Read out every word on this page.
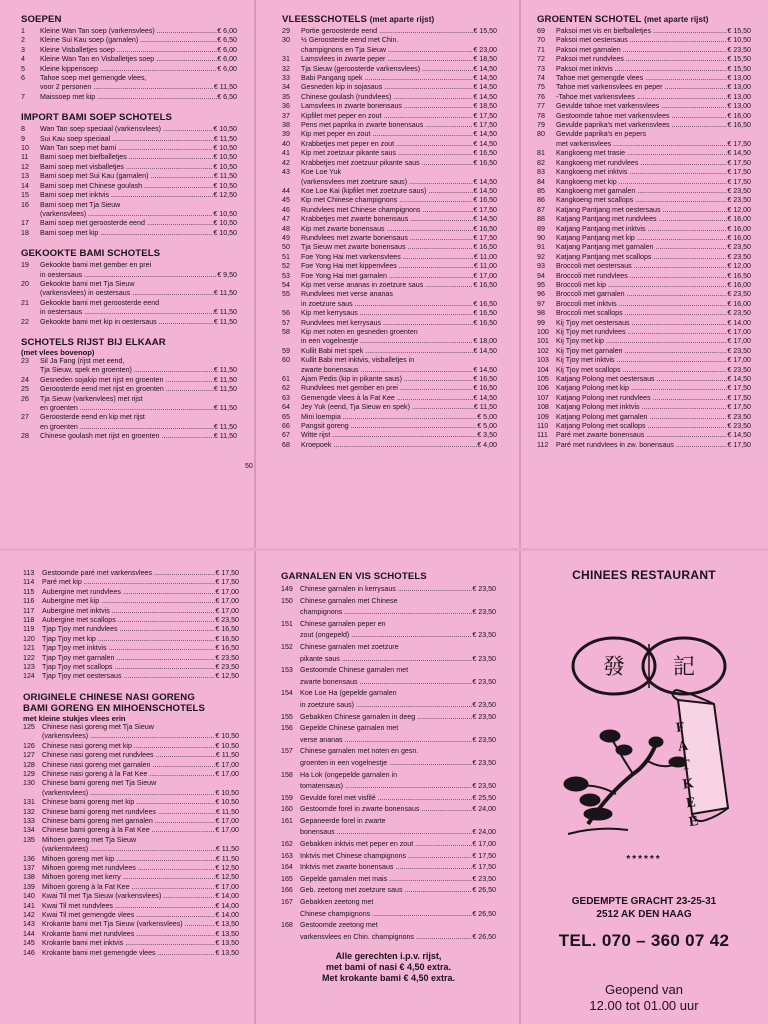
SOEPEN
1	Kleine Wan Tan soep (varkensvlees) .....	€ 6,00
2	Kleine Sui Kau soep (garnalen) .....	€ 6,50
3	Kleine Visballetjes soep .....	€ 6,00
4	Kleine Wan Tan en Visballetjes soep .....	€ 6,00
5	Kleine kippensoep .....	€ 6,00
6	Tahoe soep met gemengde vlees,
voor 2 personen .....	€ 11,50
7	Maissoep met kip .....	€ 6,50
IMPORT BAMI SOEP SCHOTELS
8	Wan Tan soep speciaal (varkensvlees) .....	€ 10,50
9	Sui Kau soep speciaal .....	€ 11,50
10	Wan Tan soep met bami .....	€ 10,50
11	Bami soep met biefballetjes .....	€ 10,50
12	Bami soep met visballetjes .....	€ 10,50
13	Bami soep met Sui Kau (garnalen) .....	€ 11,50
14	Bami soep met Chinese goulash .....	€ 10,50
15	Bami soep met inktvis .....	€ 12,50
16	Bami soep met Tja Sieuw
(varkensvlees) .....	€ 10,50
17	Bami soep met geroosterde eend .....	€ 10,50
18	Bami soep met kip .....	€ 10,50
GEKOOKTE BAMI SCHOTELS
19	Gekookte bami met gember en prei
in oestersaus .....	€ 9,50
20	Gekookte bami met Tja Sieuw
(varkensvlees) in oestersaus .....	€ 11,50
21	Gekookte bami met geroosterde eend
in oestersaus .....	€ 11,50
22	Gekookte bami met kip in oestersaus .....	€ 11,50
SCHOTELS RIJST BIJ ELKAAR
(met vlees bovenop)
23	Sil Ja Fang (rijst met eend,
Tja Sieuw, spek en groenten) .....	€ 11,50
24	Gesneden sojakip met rijst en groenten .....	€ 11,50
25	Geroosterde eend met rijst en groenten .....	€ 11,50
26	Tja Sieuw (varkenvlees) met rijst
en groenten .....	€ 11,50
27	Geroosterde eend en kip met rijst
en groenten .....	€ 11,50
28	Chinese goulash met rijst en groenten .....	€ 11,50
50
VLEESSCHOTELS (met aparte rijst)
29	Portie geroosterde eend .....	€ 15,50
30	½ Geroosterde eend met Chin.
champignons en Tja Sieuw .....	€ 23,00
31	Lamsvlees in zwarte peper .....	€ 18,50
32	Tja Sieuw (geroosterde varkensvlees) .....	€ 14,50
33	Babi Pangang spek .....	€ 14,50
34	Gesneden kip in sojasaus .....	€ 14,50
35	Chinese goulash (rundvlees) .....	€ 14,50
36	Lamsvlees in zwarte bonensaus .....	€ 18,50
37	Kipfilet met peper en zout .....	€ 17,50
38	Pens met paprika in zwarte bonensaus .....	€ 17,50
39	Kip met peper en zout .....	€ 14,50
40	Krabbetjes met peper en zout .....	€ 14,50
41	Kip met zoetzuur pikante saus .....	€ 16,50
42	Krabbetjes met zoetzuur pikante saus .....	€ 16,50
43	Koe Loe Yuk
(varkensvlees met zoetzure saus) .....	€ 14,50
44	Koe Loe Kai (kipfilet met zoetzure saus) .....	€ 14,50
45	Kip met Chinese champignons .....	€ 16,50
46	Rundvlees met Chinese champignons .....	€ 17,50
47	Krabbetjes met zwarte bonensaus .....	€ 14,50
48	Kip met zwarte bonensaus .....	€ 16,50
49	Rundvlees met zwarte bonensaus .....	€ 17,50
50	Tja Sieuw met zwarte bonensaus .....	€ 16,50
51	Foe Yong Hai met varkensvlees .....	€ 11,00
52	Foe Yong Hai met kippenvlees .....	€ 11,00
53	Foe Yong Hai met garnalen .....	€ 17,00
54	Kip met verse ananas in zoetzure saus .....	€ 16,50
55	Rundvlees met verse ananas
in zoetzure saus .....	€ 16,50
56	Kip met kerrysaus .....	€ 16,50
57	Rundvlees met kerrysaus .....	€ 16,50
58	Kip met noten en gesneden groenten
in een vogelnestje .....	€ 18,00
59	Kullit Babi met spek .....	€ 14,50
60	Kullit Babi met inktvis, visballetjes in
zwarte bonensaus .....	€ 14,50
61	Ajam Pedis (kip in pikante saus) .....	€ 16,50
62	Rundvlees met gember en prei .....	€ 16,50
63	Gemengde vlees à la Fat Kee .....	€ 14,50
64	Jey Yuk (eend, Tja Sieuw en spek) .....	€ 11,50
65	Mini loempia .....	€ 5,00
66	Pangsit goreng .....	€ 5,00
67	Witte rijst .....	€ 3,50
68	Kroepoek .....	€ 4,00
GROENTEN SCHOTEL (met aparte rijst)
69	Paksoi met vis en biefballetjes .....	€ 15,50
70	Paksoi met oestersaus .....	€ 10,50
71	Paksoi met garnalen .....	€ 23,50
72	Paksoi met rundvlees .....	€ 15,50
73	Paksoi met inktvis .....	€ 15,50
74	Tahoe met gemengde vlees .....	€ 13,00
75	Tahoe met varkensvlees en peper .....	€ 13,00
76	-Tahoe met varkensvlees .....	€ 13,00
77	Gevulde tahoe met varkensvlees .....	€ 13,00
78	Gestoomde tahoe met varkensvlees .....	€ 16,00
79	Gevulde paprika's met varkensvlees .....	€ 16,50
80	Gevulde paprika's en pepers
met varkensvlees .....	€ 17,50
81	Kangkoeng met trasie .....	€ 14,50
82	Kangkoeng met rundvlees .....	€ 17,50
83	Kangkoeng met inktvis .....	€ 17,50
84	Kangkoeng met kip .....	€ 17,50
85	Kangkoeng met garnalen .....	€ 23,50
86	Kangkoeng met scallops .....	€ 23,50
87	Katjang Pantjang met oestersaus .....	€ 12,00
88	Katjang Pantjang met rundvlees .....	€ 16,00
89	Katjang Pantjang met inktvis .....	€ 16,00
90	Katjang Pantjang met kip .....	€ 16,00
91	Katjang Pantjang met garnalen .....	€ 23,50
92	Katjang Pantjang met scallops .....	€ 23,50
93	Broccoli met oestersaus .....	€ 12,00
94	Broccoli met rundvlees .....	€ 16,50
95	Broccoli met kip .....	€ 16,00
96	Broccoli met garnalen .....	€ 23,50
97	Broccoli met inktvis .....	€ 16,00
98	Broccoli met scallops .....	€ 23,50
99	Kij Tjoy met oestersaus .....	€ 14,00
100	Kij Tjoy met rundvlees .....	€ 17,00
101	Kij Tjoy met kip .....	€ 17,00
102	Kij Tjoy met garnalen .....	€ 23,50
103	Kij Tjoy met inktvis .....	€ 17,00
104	Kij Tjoy met scallops .....	€ 23,50
105	Katjang Polong met oestersaus .....	€ 14,50
106	Katjang Polong met kip .....	€ 17,50
107	Katjang Polong met rundvlees .....	€ 17,50
108	Katjang Polong met inktvis .....	€ 17,50
109	Katjang Polong met garnalen .....	€ 23,50
110	Katjang Polong met scallops .....	€ 23,50
111	Paré met zwarte bonensaus .....	€ 14,50
112	Paré met rundvlees in zw. bonensaus .....	€ 17,50
113	Gestoomde paré met varkensvlees .....	€ 17,50
114	Paré met kip .....	€ 17,50
115	Aubergine met rundvlees .....	€ 17,00
116	Aubergine met kip .....	€ 17,00
117	Aubergine met inktvis .....	€ 17,00
118	Aubergine met scallops .....	€ 23,50
119	Tjap Tjoy met rundvlees .....	€ 16,50
120	Tjap Tjoy met kip .....	€ 16,50
121	Tjap Tjoy met inktvis .....	€ 16,50
122	Tjap Tjoy met garnalen .....	€ 23,50
123	Tjap Tjoy met scallops .....	€ 23,50
124	Tjap Tjoy met oestersaus .....	€ 12,50
ORIGINELE CHINESE NASI GORENG
BAMI GORENG EN MIHOENSCHOTELS
met kleine stukjes vlees erin
125	Chinese nasi goreng met Tja Sieuw
(varkensvlees) .....	€ 10,50
126	Chinese nasi goreng met kip .....	€ 10,50
127	Chinese nasi goreng met rundvlees .....	€ 11,50
128	Chinese nasi goreng met garnalen .....	€ 17,00
129	Chinese nasi goreng à la Fat Kee .....	€ 17,00
130	Chinese bami goreng met Tja Sieuw
(varkensvlees) .....	€ 10,50
131	Chinese bami goreng met kip .....	€ 10,50
132	Chinese bami goreng met rundvlees .....	€ 11,50
133	Chinese bami goreng met garnalen .....	€ 17,00
134	Chinese bami goreng à la Fat Kee .....	€ 17,00
135	Mihoen goreng met Tja Sieuw
(varkensvlees) .....	€ 11,50
136	Mihoen goreng met kip .....	€ 11,50
137	Mihoen goreng met rundvlees .....	€ 12,50
138	Mihoen goreng met kerry .....	€ 12,50
139	Mihoen goreng à la Fat Kee .....	€ 17,00
140	Kwai Til met Tja Sieuw (varkensvlees) .....	€ 14,00
141	Kwai Til met rundvlees .....	€ 14,00
142	Kwai Til met gemengde vlees .....	€ 14,00
143	Krokante bami met Tja Sieuw (varkensvlees) .....	€ 13,50
144	Krokante bami met rundvlees .....	€ 13,50
145	Krokante bami met inktvis .....	€ 13,50
146	Krokante bami met gemengde vlees .....	€ 13,50
GARNALEN EN VIS SCHOTELS
149	Chinese garnalen in kerrysaus .....	€ 23,50
150	Chinese garnalen met Chinese
champignons .....	€ 23,50
151	Chinese garnalen peper en
zout (ongepeld) .....	€ 23,50
152	Chinese garnalen met zoetzure
pikante saus .....	€ 23,50
153	Gestoomde Chinese garnalen met
zwarte bonensaus .....	€ 23,50
154	Koe Loe Ha (gepelde garnalen
in zoetzure saus) .....	€ 23,50
155	Gebakken Chinese garnalen in deeg .....	€ 23,50
156	Gepelde Chinese garnalen met
verse ananas .....	€ 23,50
157	Chinese garnalen met noten en gesn.
groenten in een vogelnestje .....	€ 23,50
158	Ha Lok (ongepelde garnalen in
tomatensaus) .....	€ 23,50
159	Gevulde forel met visfilé .....	€ 25,50
160	Gestoomde forel in zwarte bonensaus .....	€ 24,00
161	Gepaneerde forel in zwarte
bonensaus .....	€ 24,00
162	Gebakken inktvis met peper en zout .....	€ 17,00
163	Inktvis met Chinese champignons .....	€ 17,50
164	Inktvis met zwarte bonensaus .....	€ 17,50
165	Gepelde garnalen met mais .....	€ 23,50
166	Geb. zeetong met zoetzure saus .....	€ 26,50
167	Gebakken zeetong met
Chinese champignons .....	€ 26,50
168	Gestoomde zeetong met
varkensvlees en Chin. champignons .....	€ 26,50
Alle gerechten i.p.v. rijst,
met bami of nasi € 4,50 extra.
Met krokante bami € 4,50 extra.
CHINEES RESTAURANT
發 記
FAT KEE
******
GEDEMPTE GRACHT 23-25-31
2512 AK DEN HAAG
TEL. 070 – 360 07 42
Geopend van
12.00 tot 01.00 uur
